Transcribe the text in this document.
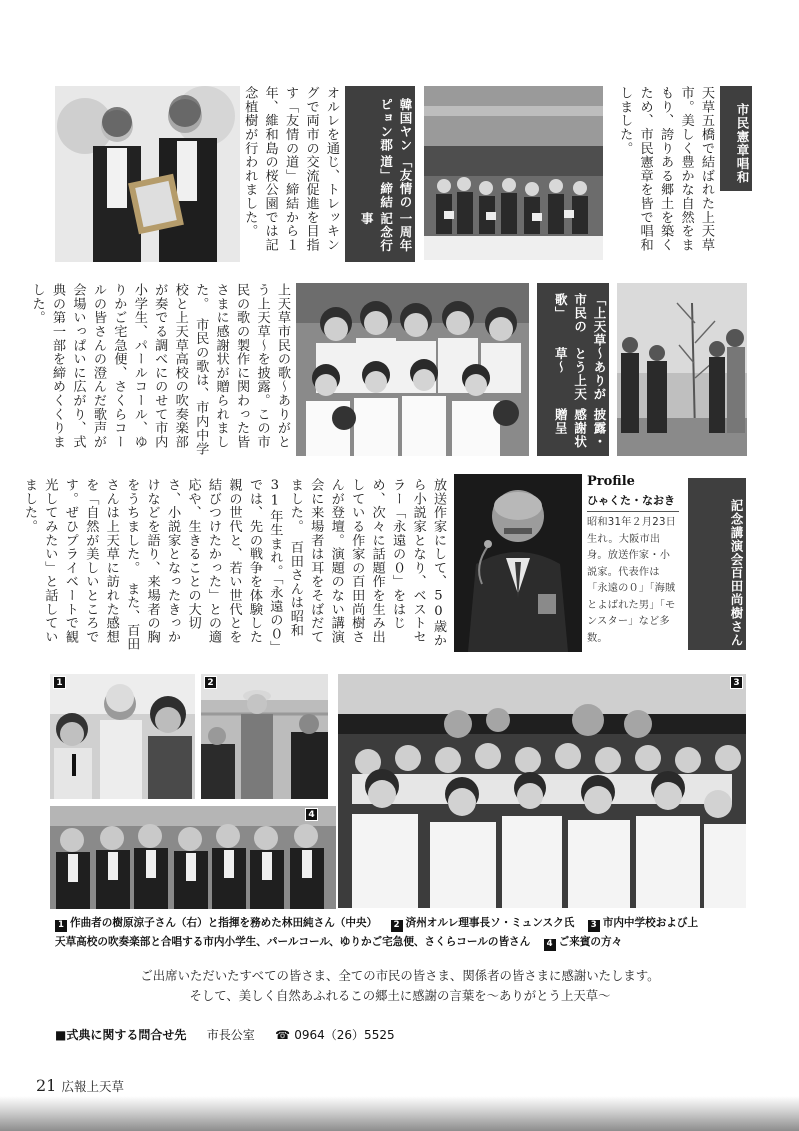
市民憲章唱和
天草五橋で結ばれた上天草市。美しく豊かな自然をまもり、誇りある郷土を築くため、市民憲章を皆で唱和しました。
韓国ヤンピョン郡
「友情の道」締結
一周年記念行事
オルレを通じ、トレッキングで両市の交流促進を目指す「友情の道」締結から１年、維和島の桜公園では記念植樹が行われました。
「上天草市民の歌」
～ありがとう上天草～
披露・感謝状贈呈
上天草市民の歌～ありがとう上天草～を披露。この市民の歌の製作に関わった皆さまに感謝状が贈られました。　市民の歌は、市内中学校と上天草高校の吹奏楽部が奏でる調べにのせて市内小学生、パールコール、ゆりかご宅急便、さくらコールの皆さんの澄んだ歌声が会場いっぱいに広がり、式典の第一部を締めくくりました。
記念講演会
百田尚樹さん
Profile
ひゃくた・なおき
昭和31年２月23日生れ。大阪市出身。放送作家・小説家。代表作は「永遠の０」「海賊とよばれた男」「モンスター」など多数。
放送作家にして、50歳から小説家となり、ベストセラー「永遠の０」をはじめ、次々に話題作を生み出している作家の百田尚樹さんが登壇。演題のない講演会に来場者は耳をそばだてました。　百田さんは昭和31年生まれ。「永遠の０」では、先の戦争を体験した親の世代と、若い世代とを結びつけたかった」との適応や、生きることの大切さ、小説家となったきっかけなどを語り、来場者の胸をうちました。　また、百田さんは上天草に訪れた感想を「自然が美しいところです。ぜひプライベートで観光してみたい」と話していました。
1	2	3
4
1 作曲者の樹原涼子さん（右）と指揮を務めた林田純さん（中央） 2 済州オルレ理事長ソ・ミュンスク氏 3 市内中学校および上
天草高校の吹奏楽部と合唱する市内小学生、パールコール、ゆりかご宅急便、さくらコールの皆さん 4 ご来賓の方々
ご出席いただいたすべての皆さま、全ての市民の皆さま、関係者の皆さまに感謝いたします。
そして、美しく自然あふれるこの郷土に感謝の言葉を～ありがとう上天草～
■式典に関する問合せ先 市長公室 ☎ 0964（26）5525
21 広報上天草
